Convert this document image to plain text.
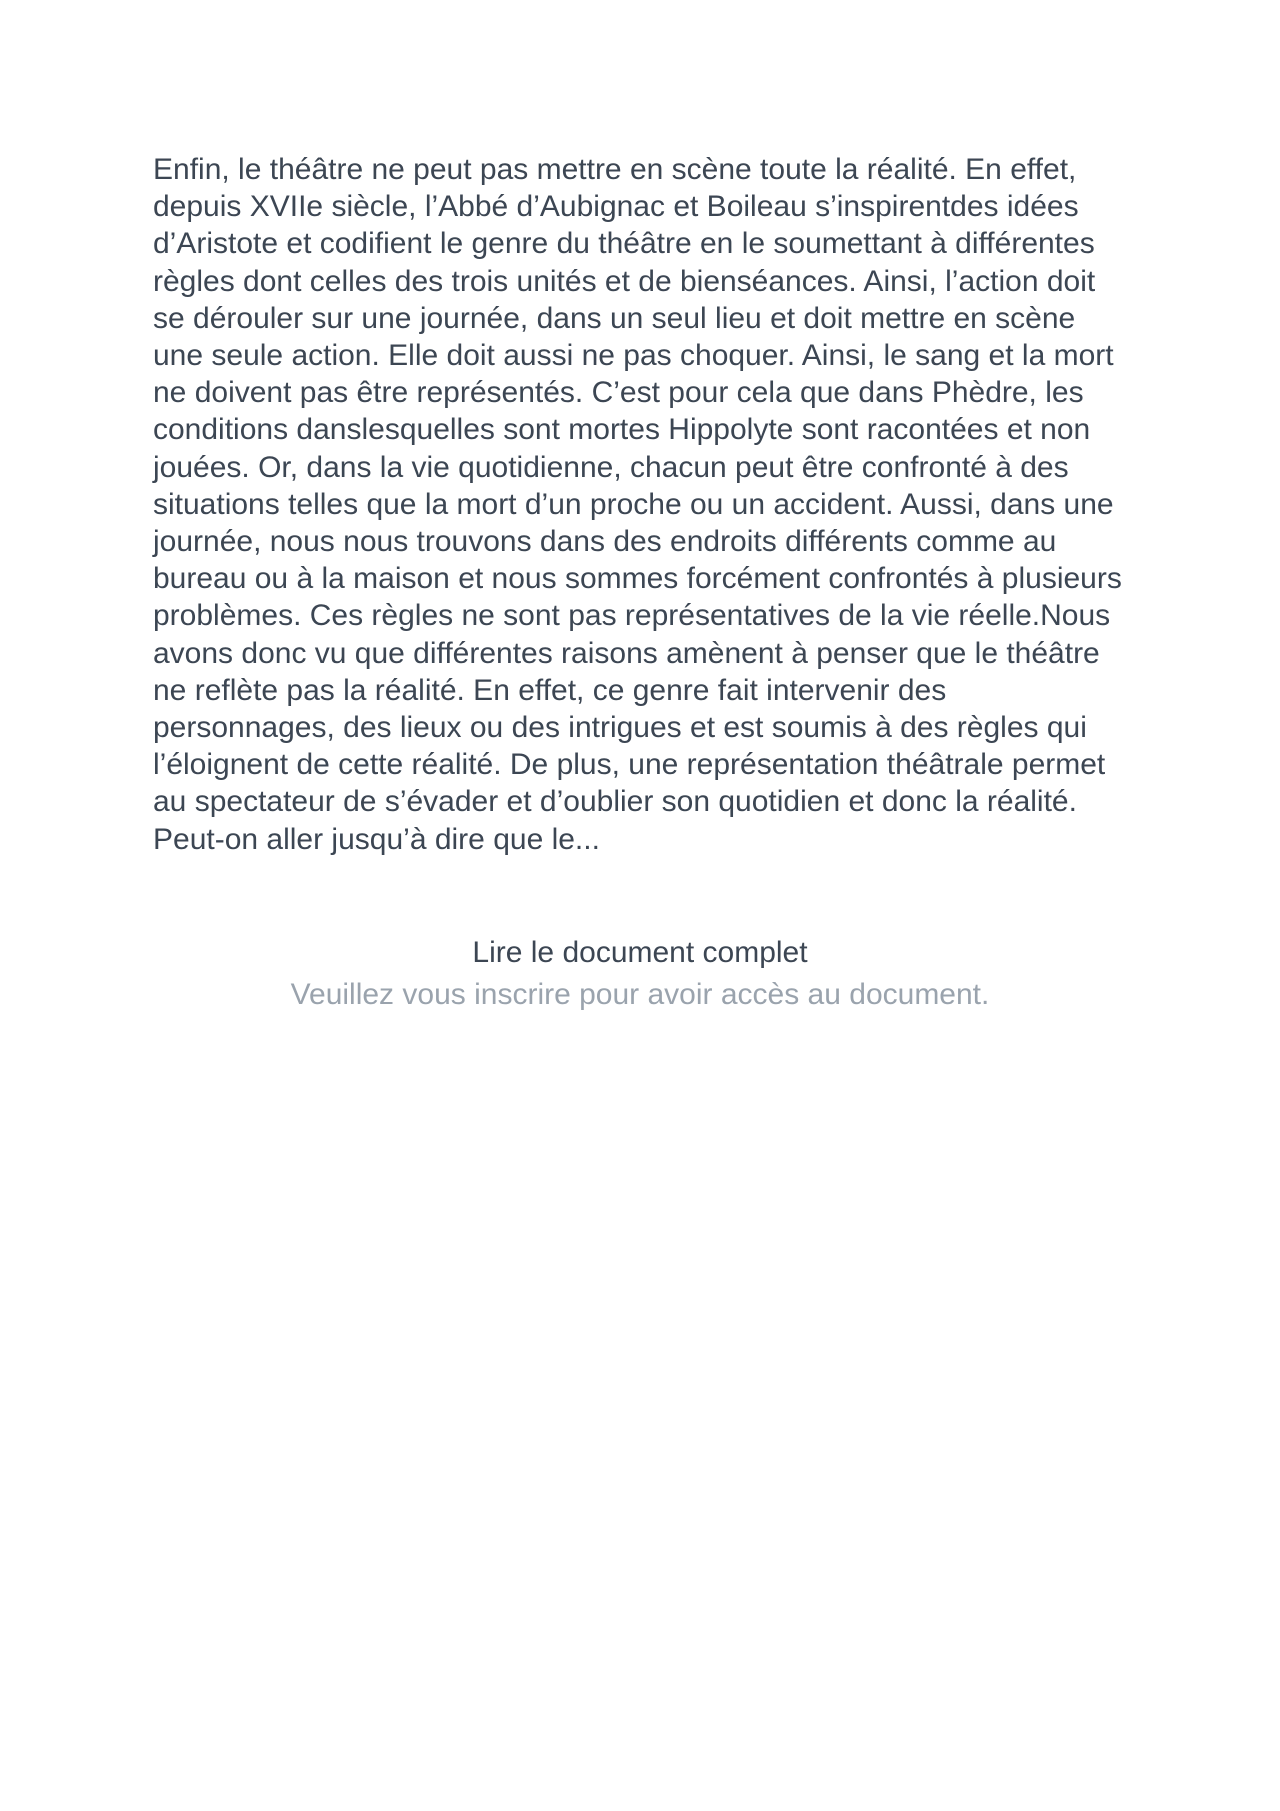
Enfin, le théâtre ne peut pas mettre en scène toute la réalité. En effet, depuis XVIIe siècle, l’Abbé d’Aubignac et Boileau s’inspirentdes idées d’Aristote et codifient le genre du théâtre en le soumettant à différentes règles dont celles des trois unités et de bienséances. Ainsi, l’action doit se dérouler sur une journée, dans un seul lieu et doit mettre en scène une seule action. Elle doit aussi ne pas choquer. Ainsi, le sang et la mort ne doivent pas être représentés. C’est pour cela que dans Phèdre, les conditions danslesquelles sont mortes Hippolyte sont racontées et non jouées. Or, dans la vie quotidienne, chacun peut être confronté à des situations telles que la mort d’un proche ou un accident. Aussi, dans une journée, nous nous trouvons dans des endroits différents comme au bureau ou à la maison et nous sommes forcément confrontés à plusieurs problèmes. Ces règles ne sont pas représentatives de la vie réelle.Nous avons donc vu que différentes raisons amènent à penser que le théâtre ne reflète pas la réalité. En effet, ce genre fait intervenir des personnages, des lieux ou des intrigues et est soumis à des règles qui l’éloignent de cette réalité. De plus, une représentation théâtrale permet au spectateur de s’évader et d’oublier son quotidien et donc la réalité. Peut-on aller jusqu’à dire que le...

Lire le document complet
Veuillez vous inscrire pour avoir accès au document.
